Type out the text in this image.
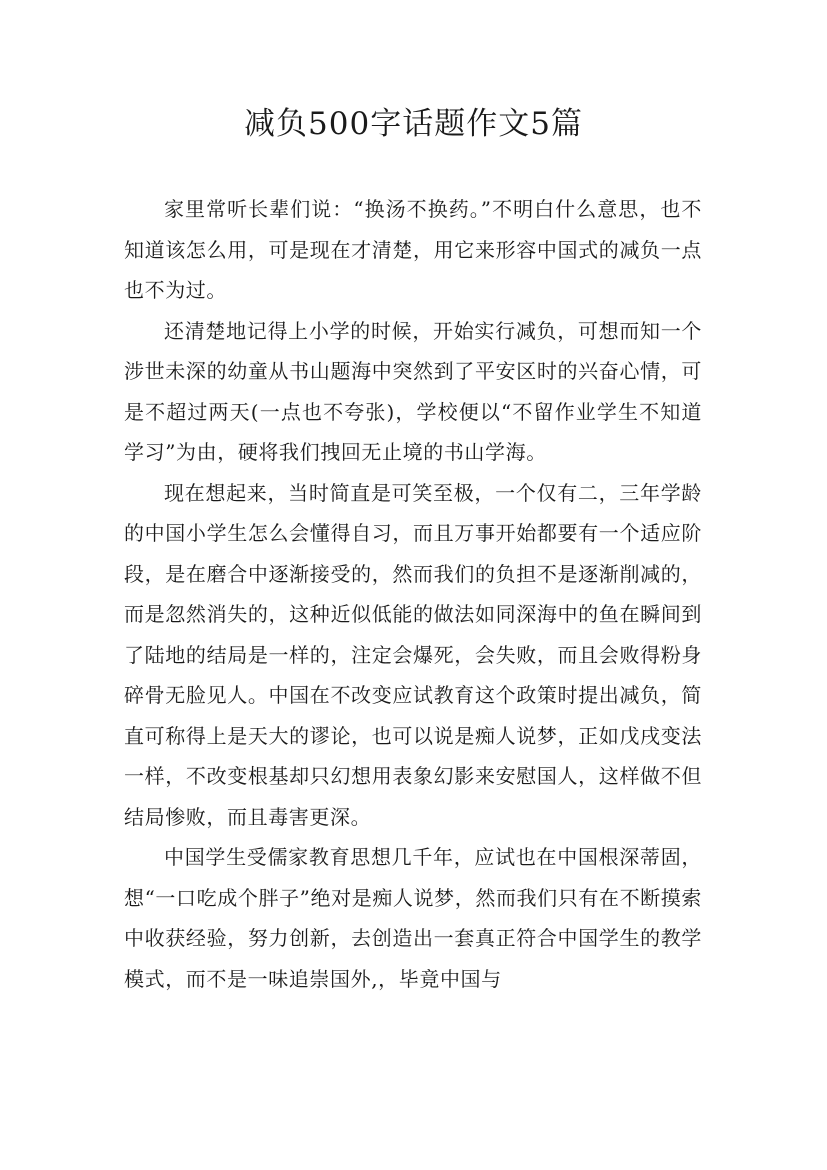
减负500字话题作文5篇

家里常听长辈们说：“换汤不换药。”不明白什么意思，也不知道该怎么用，可是现在才清楚，用它来形容中国式的减负一点也不为过。

还清楚地记得上小学的时候，开始实行减负，可想而知一个涉世未深的幼童从书山题海中突然到了平安区时的兴奋心情，可是不超过两天(一点也不夸张)，学校便以“不留作业学生不知道学习”为由，硬将我们拽回无止境的书山学海。

现在想起来，当时简直是可笑至极，一个仅有二，三年学龄的中国小学生怎么会懂得自习，而且万事开始都要有一个适应阶段，是在磨合中逐渐接受的，然而我们的负担不是逐渐削减的，而是忽然消失的，这种近似低能的做法如同深海中的鱼在瞬间到了陆地的结局是一样的，注定会爆死，会失败，而且会败得粉身碎骨无脸见人。中国在不改变应试教育这个政策时提出减负，简直可称得上是天大的谬论，也可以说是痴人说梦，正如戊戌变法一样，不改变根基却只幻想用表象幻影来安慰国人，这样做不但结局惨败，而且毒害更深。

中国学生受儒家教育思想几千年，应试也在中国根深蒂固，想“一口吃成个胖子”绝对是痴人说梦，然而我们只有在不断摸索中收获经验，努力创新，去创造出一套真正符合中国学生的教学模式，而不是一味追崇国外,，毕竟中国与
